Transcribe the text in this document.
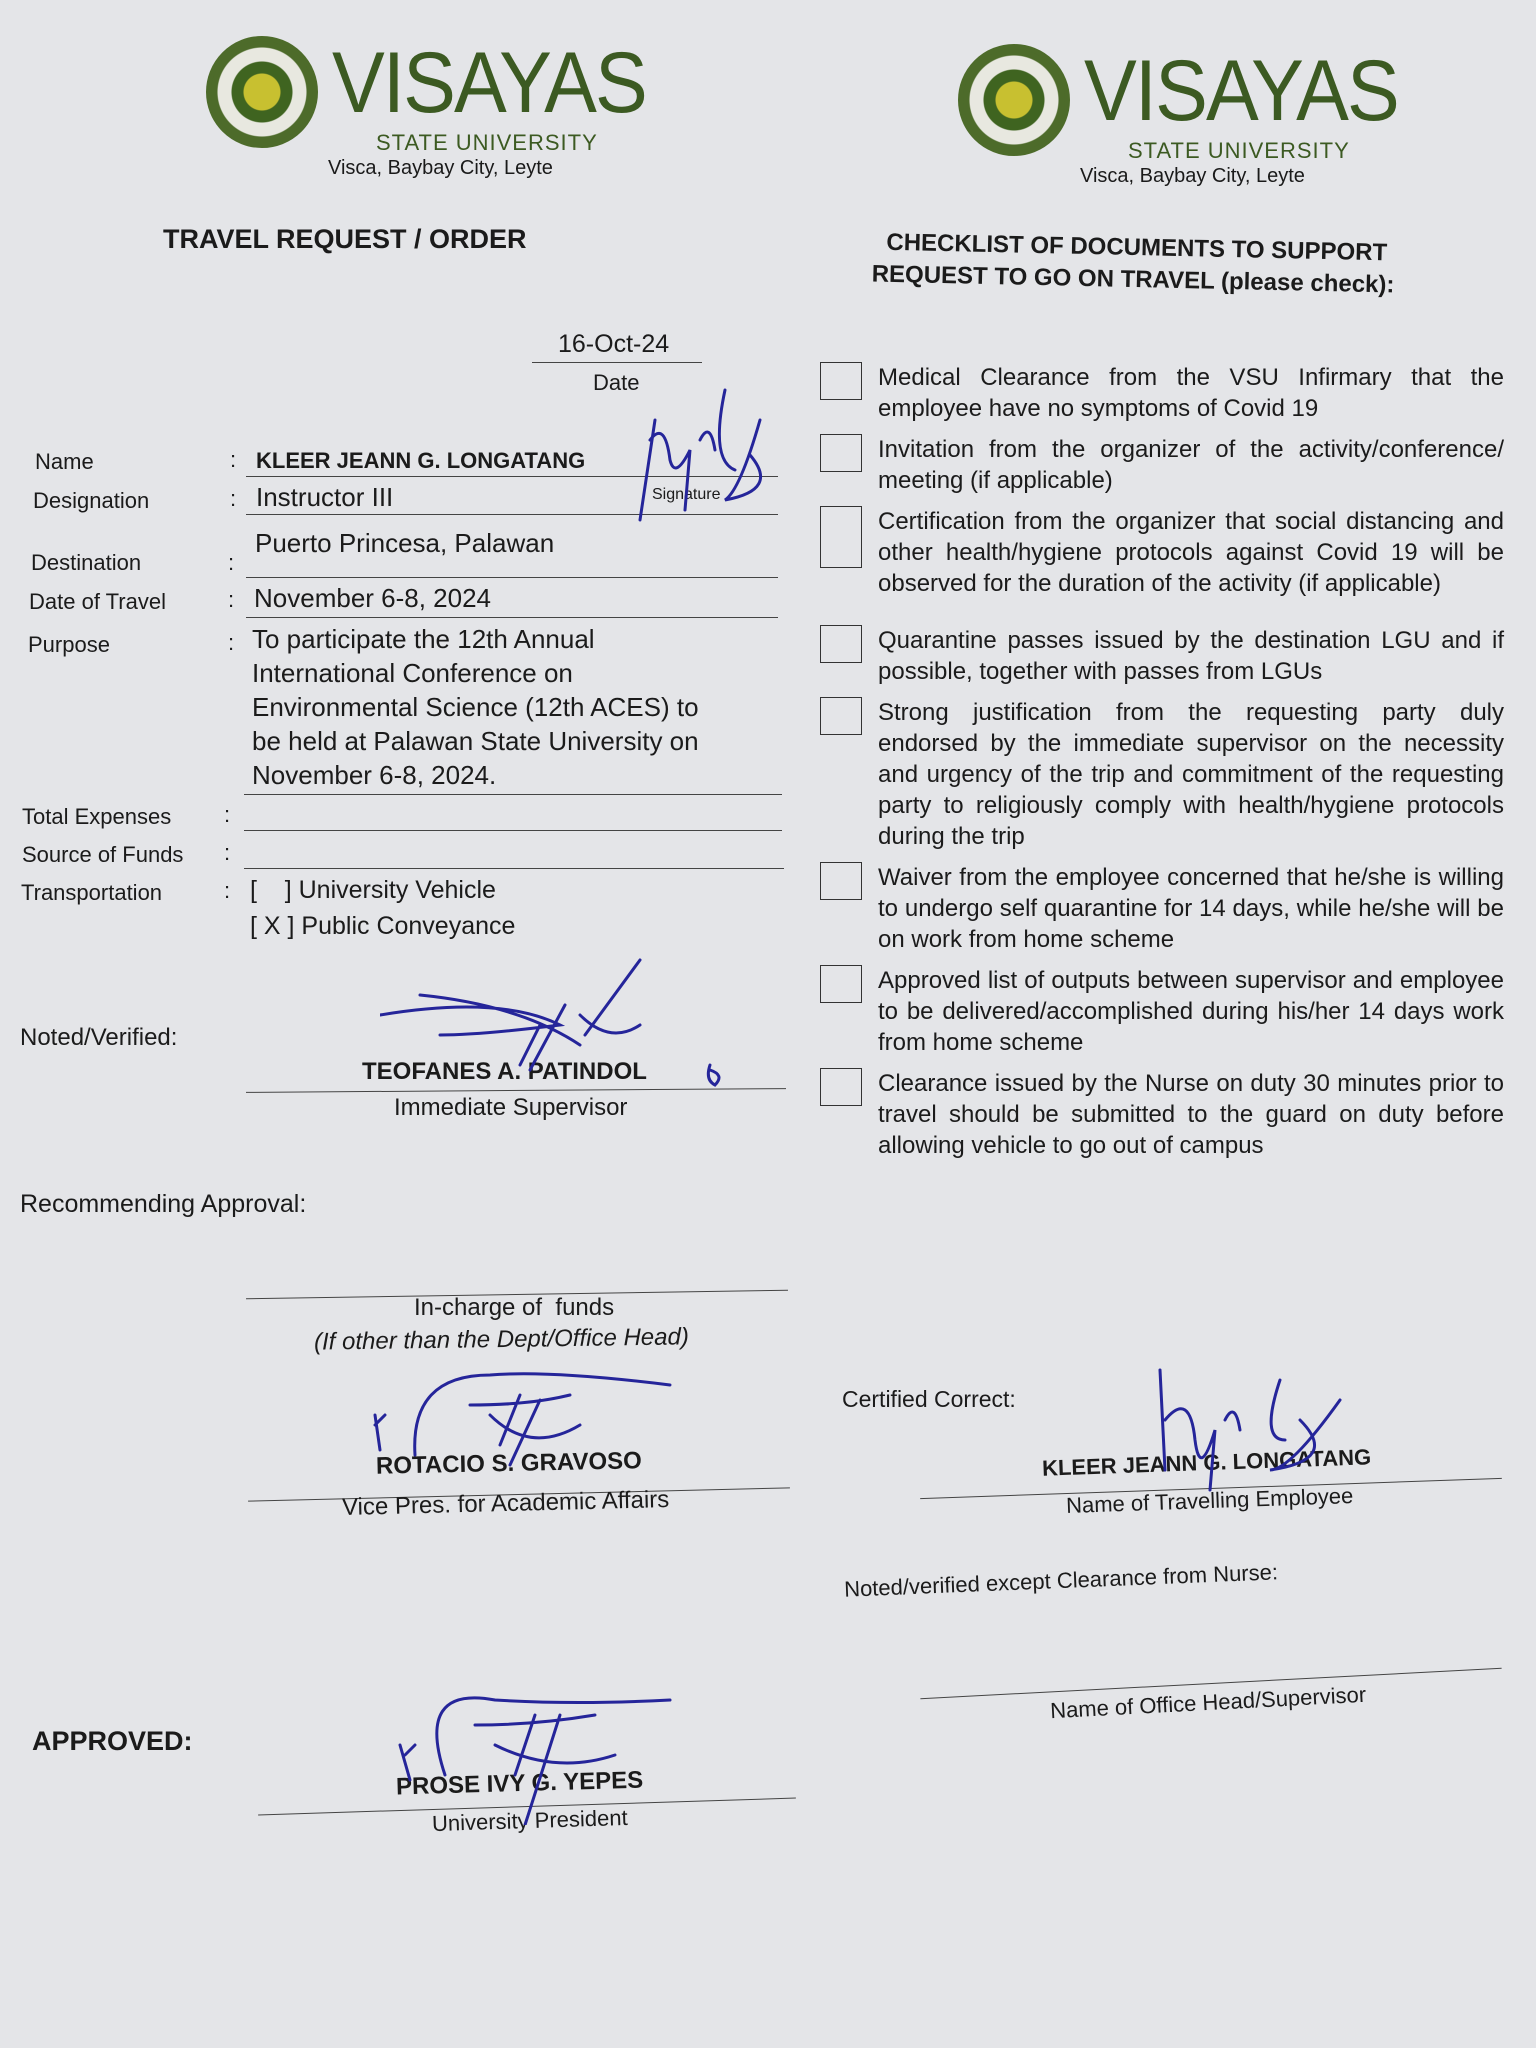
VISAYAS
STATE UNIVERSITY
Visca, Baybay City, Leyte
VISAYAS
STATE UNIVERSITY
Visca, Baybay City, Leyte
TRAVEL REQUEST / ORDER
16-Oct-24
Date
Name	: KLEER JEANN G. LONGATANG
Designation	: Instructor III	Signature
Destination	:
Puerto Princesa, Palawan
Date of Travel	: November 6-8, 2024
Purpose	: To participate the 12th Annual
International Conference on
Environmental Science (12th ACES) to
be held at Palawan State University on
November 6-8, 2024.
Total Expenses :
Source of Funds :
Transportation	: [    ] University Vehicle
[ X ] Public Conveyance
Noted/Verified:
TEOFANES A. PATINDOL
Immediate Supervisor
Recommending Approval:
In-charge of  funds
(If other than the Dept/Office Head)
ROTACIO S. GRAVOSO
Vice Pres. for Academic Affairs
APPROVED:
PROSE IVY G. YEPES
University President
CHECKLIST OF DOCUMENTS TO SUPPORT
REQUEST TO GO ON TRAVEL (please check):
Medical Clearance from the VSU Infirmary that the employee have no symptoms of Covid 19
Invitation from the organizer of the activity/conference/ meeting (if applicable)
Certification from the organizer that social distancing and other health/hygiene protocols against Covid 19 will be observed for the duration of the activity (if applicable)
Quarantine passes issued by the destination LGU and if possible, together with passes from LGUs
Strong justification from the requesting party duly endorsed by the immediate supervisor on the necessity and urgency of the trip and commitment of the requesting party to religiously comply with health/hygiene protocols during the trip
Waiver from the employee concerned that he/she is willing to undergo self quarantine for 14 days, while he/she will be on work from home scheme
Approved list of outputs between supervisor and employee to be delivered/accomplished during his/her 14 days work from home scheme
Clearance issued by the Nurse on duty 30 minutes prior to travel should be submitted to the guard on duty before allowing vehicle to go out of campus
Certified Correct:
KLEER JEANN G. LONGATANG
Name of Travelling Employee
Noted/verified except Clearance from Nurse:
Name of Office Head/Supervisor
